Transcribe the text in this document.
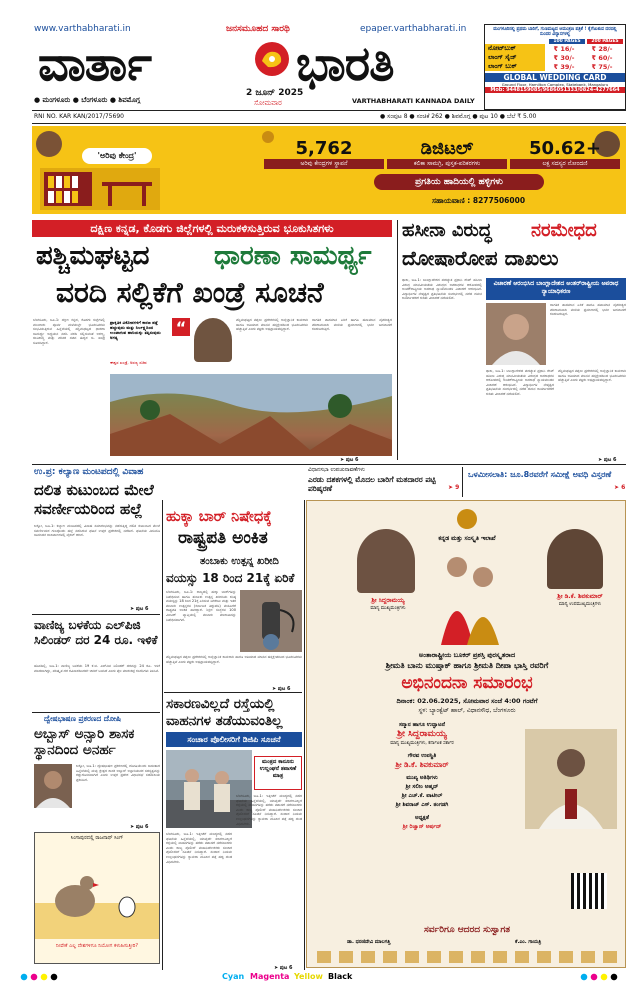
www.varthabharati.in	epaper.varthabharati.in
ಜನಸಮೂಹದ ಸಾರಥಿ
ವಾರ್ತಾ	ಭಾರತಿ
● ಮಂಗಳೂರು ● ಬೆಂಗಳೂರು ● ಶಿವಮೊಗ್ಗ
2 ಜೂನ್ 2025
ಸೋಮವಾರ	VARTHABHARATI KANNADA DAILY
ಮಂಗಳೂರಿನಲ್ಲಿ ಪ್ರಥಮ ಬಾರಿಗೆ, ಗುಣಮಟ್ಟದ ಆಮಂತ್ರಣ ಪತ್ರಿಕೆ ! ಕೈಗೆಟುಕುವ ದರದಲ್ಲಿ ಸುಂದರ ವಿನ್ಯಾಸಗಳಲ್ಲಿ
100 PAGES	200 PAGES
ನೋಟ್‌ಬುಕ್	₹ 16/-	₹ 28/-
ಲಾಂಗ್ ಸೈಜ್	₹ 30/-	₹ 60/-
ಲಾಂಗ್ ಬುಕ್	₹ 39/-	₹ 75/-
GLOBAL WEDDING CARD
Ground Floor, Hamilton Complex, Statebank, Mangaluru
Mob: 9448159085/9686051333/0824-4277664
RNI NO. KAR KAN/2017/75690	● ಸಂಪುಟ 8 ● ಸಂಚಿಕೆ 262 ● ಶಿವಮೊಗ್ಗ ● ಪುಟ 10 ● ಬೆಲೆ ₹ 5.00
'ಅರಿವು ಕೇಂದ್ರ'	5,762
ಅರಿವು ಕೇಂದ್ರಗಳ ಸ್ಥಾಪನೆ
ಡಿಜಿಟಲ್
ಕಲಿಕಾ ಸಾಮಗ್ರಿ, ಪುಸ್ತಕ-ಪರಿಕರಗಳು
50.62+
ಲಕ್ಷ ಸದಸ್ಯರ ನೋಂದಣಿ
ಪ್ರಗತಿಯ ಹಾದಿಯಲ್ಲಿ ಹಳ್ಳಿಗಳು
ಸಹಾಯವಾಣಿ : 8277506000
ದಕ್ಷಿಣ ಕನ್ನಡ, ಕೊಡಗು ಜಿಲ್ಲೆಗಳಲ್ಲಿ ಮರುಕಳಿಸುತ್ತಿರುವ ಭೂಕುಸಿತಗಳು
ಪಶ್ಚಿಮಘಟ್ಟದ ಧಾರಣಾ ಸಾಮರ್ಥ್ಯ
ವರದಿ ಸಲ್ಲಿಕೆಗೆ ಖಂಡ್ರೆ ಸೂಚನೆ
ಬೆಂಗಳೂರು, ಜೂ.1: ದಕ್ಷಿಣ ಕನ್ನಡ, ಕೊಡಗು ಜಿಲ್ಲೆಗಳಲ್ಲಿ ಮುಂಗಾರು ಪೂರ್ವ ಮಳೆಯಲ್ಲೇ ಭೂಕುಸಿತಗಳು ಸಂಭವಿಸುತ್ತಿರುವ ಹಿನ್ನೆಲೆಯಲ್ಲಿ ಪಶ್ಚಿಮಘಟ್ಟದ ಧಾರಣಾ ಸಾಮರ್ಥ್ಯ ಅಧ್ಯಯನ ನಡೆಸಿ ವರದಿ ಸಲ್ಲಿಸುವಂತೆ ಅರಣ್ಯ, ಜೀವಿಶಾಸ್ತ್ರ ಮತ್ತು ಪರಿಸರ ಸಚಿವ ಈಶ್ವರ ಬಿ. ಖಂಡ್ರೆ ಸೂಚಿಸಿದ್ದಾರೆ.
“
ಪ್ರಾಕೃತಿಕ ವಿಕೋಪಗಳಿಗೆ ಕಾರಣ ಪತ್ತೆ ಹಚ್ಚುವುದು ಮತ್ತು ನಿರ್ಲಕ್ಷ್ಯದಿಂದ ಉಂಟಾಗುವ ಹಾನಿಯನ್ನು ತಪ್ಪಿಸುವುದು ಅಗತ್ಯ
ಈಶ್ವರ ಖಂಡ್ರೆ, ಅರಣ್ಯ ಸಚಿವ
ಪಶ್ಚಿಮಘಟ್ಟದ ತಪ್ಪಲು ಪ್ರದೇಶಗಳಲ್ಲಿ ಅವೈಜ್ಞಾನಿಕ ಕಾಮಗಾರಿ ಹಾಗೂ ಅತಿಯಾದ ಮಾನವ ಹಸ್ತಕ್ಷೇಪದಿಂದ ಭೂಕುಸಿತಗಳು ಹೆಚ್ಚುತ್ತಿವೆ ಎಂದು ತಜ್ಞರು ಅಭಿಪ್ರಾಯಪಟ್ಟಿದ್ದಾರೆ.
ಜಾಗತಿಕ ತಾಪಮಾನ ಏರಿಕೆ ಹಾಗೂ ಹವಾಮಾನ ವೈಪರೀತ್ಯದ ಪರಿಣಾಮವಾಗಿ ಮಳೆಯ ಪ್ರಮಾಣದಲ್ಲಿ ಭಾರೀ ಬದಲಾವಣೆ ಕಂಡುಬರುತ್ತಿದೆ.
➤ ಪುಟ 6
ಹಸೀನಾ ವಿರುದ್ಧ ನರಮೇಧದ
ದೋಷಾರೋಪ ದಾಖಲು
ಢಾಕಾ, ಜೂ.1: ಬಾಂಗ್ಲಾದೇಶದ ಪದಚ್ಯುತ ಪ್ರಧಾನಿ ಶೇಖ್ ಹಸೀನಾ ವಿರುದ್ಧ ಮಾನವೀಯತೆಯ ವಿರುದ್ಧದ ಅಪರಾಧಗಳ ಆರೋಪದಲ್ಲಿ ಅಂತರ್‌ರಾಷ್ಟ್ರೀಯ ಅಪರಾಧ ನ್ಯಾಯಮಂಡಳಿ ವಿಚಾರಣೆ ಆರಂಭಿಸಿದೆ. ವಿದ್ಯಾರ್ಥಿಗಳ ನೇತೃತ್ವದ ಪ್ರತಿಭಟನೆಯ ಸಂದರ್ಭದಲ್ಲಿ ನಡೆದ ದಮನ ಕಾರ್ಯಾಚರಣೆ ಕುರಿತು ವಿಚಾರಣೆ ನಡೆಯಲಿದೆ.
ವಿಚಾರಣೆ ಆರಂಭಿಸಿದ ಬಾಂಗ್ಲಾದೇಶದ ಅಂತರ್‌ರಾಷ್ಟ್ರೀಯ ಅಪರಾಧ ನ್ಯಾಯಾಧಿಕರಣ
ಜಾಗತಿಕ ತಾಪಮಾನ ಏರಿಕೆ ಹಾಗೂ ಹವಾಮಾನ ವೈಪರೀತ್ಯದ ಪರಿಣಾಮವಾಗಿ ಮಳೆಯ ಪ್ರಮಾಣದಲ್ಲಿ ಭಾರೀ ಬದಲಾವಣೆ ಕಂಡುಬರುತ್ತಿದೆ.
ಢಾಕಾ, ಜೂ.1: ಬಾಂಗ್ಲಾದೇಶದ ಪದಚ್ಯುತ ಪ್ರಧಾನಿ ಶೇಖ್ ಹಸೀನಾ ವಿರುದ್ಧ ಮಾನವೀಯತೆಯ ವಿರುದ್ಧದ ಅಪರಾಧಗಳ ಆರೋಪದಲ್ಲಿ ಅಂತರ್‌ರಾಷ್ಟ್ರೀಯ ಅಪರಾಧ ನ್ಯಾಯಮಂಡಳಿ ವಿಚಾರಣೆ ಆರಂಭಿಸಿದೆ. ವಿದ್ಯಾರ್ಥಿಗಳ ನೇತೃತ್ವದ ಪ್ರತಿಭಟನೆಯ ಸಂದರ್ಭದಲ್ಲಿ ನಡೆದ ದಮನ ಕಾರ್ಯಾಚರಣೆ ಕುರಿತು ವಿಚಾರಣೆ ನಡೆಯಲಿದೆ.
ಪಶ್ಚಿಮಘಟ್ಟದ ತಪ್ಪಲು ಪ್ರದೇಶಗಳಲ್ಲಿ ಅವೈಜ್ಞಾನಿಕ ಕಾಮಗಾರಿ ಹಾಗೂ ಅತಿಯಾದ ಮಾನವ ಹಸ್ತಕ್ಷೇಪದಿಂದ ಭೂಕುಸಿತಗಳು ಹೆಚ್ಚುತ್ತಿವೆ ಎಂದು ತಜ್ಞರು ಅಭಿಪ್ರಾಯಪಟ್ಟಿದ್ದಾರೆ.
➤ ಪುಟ 6
ಉ.ಪ್ರ: ಕಲ್ಯಾಣ ಮಂಟಪದಲ್ಲಿ ವಿವಾಹ	ವಿಧಾನಸಭಾ ಉಪಚುನಾವಣೆಗಳು
ಎರಡು ದಶಕಗಳಲ್ಲಿ ಮೊದಲ ಬಾರಿಗೆ ಮತದಾರರ ಪಟ್ಟಿ ಪರಿಷ್ಕರಣೆ	➤ 9
ಒಳಮೀಸಲಾತಿ: ಜೂ.8ರವರೆಗೆ ಸಮೀಕ್ಷೆ ಅವಧಿ ವಿಸ್ತರಣೆ
➤ 6
ದಲಿತ ಕುಟುಂಬದ ಮೇಲೆ ಸವರ್ಣೀಯರಿಂದ ಹಲ್ಲೆ
ಲಕ್ನೋ, ಜೂ.1: ಕಲ್ಯಾಣ ಮಂಟಪದಲ್ಲಿ ವಿವಾಹ ಸಮಾರಂಭವನ್ನು ನಡೆಸುತ್ತಿದ್ದ ದಲಿತ ಕುಟುಂಬದ ಮೇಲೆ ಸವರ್ಣೀಯರ ಗುಂಪೊಂದು ಹಲ್ಲೆ ನಡೆಸಿರುವ ಘಟನೆ ಉತ್ತರ ಪ್ರದೇಶದಲ್ಲಿ ನಡೆದಿದೆ. ಘಟನೆಯ ವೀಡಿಯೊ ಸಾಮಾಜಿಕ ಜಾಲತಾಣಗಳಲ್ಲಿ ವೈರಲ್ ಆಗಿದೆ.
➤ ಪುಟ 6
ಹುಕ್ಕಾ ಬಾರ್ ನಿಷೇಧಕ್ಕೆ
ರಾಷ್ಟ್ರಪತಿ ಅಂಕಿತ
ತಂಬಾಕು ಉತ್ಪನ್ನ ಖರೀದಿ
ವಯಸ್ಸು 18 ರಿಂದ 21ಕ್ಕೆ ಏರಿಕೆ
ಬೆಂಗಳೂರು, ಜೂ.1: ರಾಜ್ಯದಲ್ಲಿ ಹುಕ್ಕಾ ಬಾರ್‌ಗಳನ್ನು ನಿಷೇಧಿಸುವ ಹಾಗೂ ತಂಬಾಕು ಉತ್ಪನ್ನ ಖರೀದಿಯ ಕನಿಷ್ಠ ವಯಸ್ಸನ್ನು 18 ರಿಂದ 21ಕ್ಕೆ ಏರಿಸುವ ಸಿಗರೇಟು ಮತ್ತು ಇತರ ತಂಬಾಕು ಉತ್ಪನ್ನಗಳ (ಕರ್ನಾಟಕ ತಿದ್ದುಪಡಿ) ಮಸೂದೆಗೆ ರಾಷ್ಟ್ರಪತಿ ಅಂಕಿತ ಹಾಕಿದ್ದಾರೆ. ಶಿಕ್ಷಣ ಸಂಸ್ಥೆಗಳ 100 ಮೀಟರ್ ವ್ಯಾಪ್ತಿಯಲ್ಲಿ ತಂಬಾಕು ಮಾರಾಟವನ್ನು ನಿಷೇಧಿಸಲಾಗಿದೆ.
ಪಶ್ಚಿಮಘಟ್ಟದ ತಪ್ಪಲು ಪ್ರದೇಶಗಳಲ್ಲಿ ಅವೈಜ್ಞಾನಿಕ ಕಾಮಗಾರಿ ಹಾಗೂ ಅತಿಯಾದ ಮಾನವ ಹಸ್ತಕ್ಷೇಪದಿಂದ ಭೂಕುಸಿತಗಳು ಹೆಚ್ಚುತ್ತಿವೆ ಎಂದು ತಜ್ಞರು ಅಭಿಪ್ರಾಯಪಟ್ಟಿದ್ದಾರೆ.
➤ ಪುಟ 6
ವಾಣಿಜ್ಯ ಬಳಕೆಯ ಎಲ್‌ಪಿಜಿ ಸಿಲಿಂಡರ್ ದರ 24 ರೂ. ಇಳಿಕೆ
ಹೊಸದಿಲ್ಲಿ, ಜೂ.1: ವಾಣಿಜ್ಯ ಬಳಕೆಯ 19 ಕೆ.ಜಿ. ಎಲ್‌ಪಿಜಿ ಸಿಲಿಂಡರ್ ದರವನ್ನು 24 ರೂ. ಇಳಿಕೆ ಮಾಡಲಾಗಿದ್ದು, ಪರಿಷ್ಕೃತ ದರ ರವಿವಾರದಿಂದಲೇ ಜಾರಿಗೆ ಬಂದಿದೆ ಎಂದು ತೈಲ ಮಾರುಕಟ್ಟೆ ಕಂಪೆನಿಗಳು ತಿಳಿಸಿವೆ.
ದ್ವೇಷಭಾಷಣ ಪ್ರಕರಣದ ದೋಷಿ
ಅಬ್ಬಾಸ್ ಅನ್ಸಾರಿ ಶಾಸಕ ಸ್ಥಾನದಿಂದ ಅನರ್ಹ
ಲಕ್ನೋ, ಜೂ.1: ದ್ವೇಷಭಾಷಣ ಪ್ರಕರಣದಲ್ಲಿ ದೋಷಿಯೆಂದು ಸಾಬೀತಾದ ಹಿನ್ನೆಲೆಯಲ್ಲಿ ಮವು ಕ್ಷೇತ್ರದ ಶಾಸಕ ಅಬ್ಬಾಸ್ ಅನ್ಸಾರಿಯವರ ಸದಸ್ಯತ್ವವನ್ನು ರದ್ದುಗೊಳಿಸಲಾಗಿದೆ ಎಂದು ಉತ್ತರ ಪ್ರದೇಶ ವಿಧಾನಸಭೆ ಸಚಿವಾಲಯ ಪ್ರಕಟಿಸಿದೆ.
➤ ಪುಟ 6
ಸಿಂಗಾಪುರದಲ್ಲಿ ರಾಜನಾಥ್ ಸಿಂಗ್
ನೀವೇಕೆ ಎಲ್ಲ ದೇಶಗಳಿಗೂ ನಿಯೋಗ ಕಳುಹಿಸುತ್ತೀರಿ?
ಸಕಾರಣವಿಲ್ಲದೆ ರಸ್ತೆಯಲ್ಲಿ ವಾಹನಗಳ ತಡೆಯುವಂತಿಲ್ಲ
ಸಂಚಾರ ಪೊಲೀಸರಿಗೆ ಡಿಜಿಪಿ ಸೂಚನೆ
ಮಂತ್ರದ ಕಾನೂನು ಉಲ್ಲಂಘನೆ ತಪಾಸಣೆ ಮಾತ್ರ
ಬೆಂಗಳೂರು, ಜೂ.1: ಇತ್ತೀಚೆಗೆ ಮಂಡ್ಯದಲ್ಲಿ ನಡೆದ ಘಟನೆಯ ಹಿನ್ನೆಲೆಯಲ್ಲಿ, ಯಾವುದೇ ಸಕಾರಣವಿಲ್ಲದೆ ರಸ್ತೆಯಲ್ಲಿ ವಾಹನಗಳನ್ನು ತಡೆದು ತಪಾಸಣೆ ನಡೆಸಬಾರದು ಎಂದು ರಾಜ್ಯ ಪೊಲೀಸ್ ಮಹಾನಿರ್ದೇಶಕರು ಸಂಚಾರ ಪೊಲೀಸರಿಗೆ ಸೂಚನೆ ನೀಡಿದ್ದಾರೆ. ಸಂಚಾರ ನಿಯಮ ಉಲ್ಲಂಘನೆಗಳನ್ನು ಕ್ಯಾಮರಾ ಮೂಲಕ ಪತ್ತೆ ಹಚ್ಚಿ ದಂಡ ವಿಧಿಸಬೇಕು.
ಬೆಂಗಳೂರು, ಜೂ.1: ಇತ್ತೀಚೆಗೆ ಮಂಡ್ಯದಲ್ಲಿ ನಡೆದ ಘಟನೆಯ ಹಿನ್ನೆಲೆಯಲ್ಲಿ, ಯಾವುದೇ ಸಕಾರಣವಿಲ್ಲದೆ ರಸ್ತೆಯಲ್ಲಿ ವಾಹನಗಳನ್ನು ತಡೆದು ತಪಾಸಣೆ ನಡೆಸಬಾರದು ಎಂದು ರಾಜ್ಯ ಪೊಲೀಸ್ ಮಹಾನಿರ್ದೇಶಕರು ಸಂಚಾರ ಪೊಲೀಸರಿಗೆ ಸೂಚನೆ ನೀಡಿದ್ದಾರೆ. ಸಂಚಾರ ನಿಯಮ ಉಲ್ಲಂಘನೆಗಳನ್ನು ಕ್ಯಾಮರಾ ಮೂಲಕ ಪತ್ತೆ ಹಚ್ಚಿ ದಂಡ ವಿಧಿಸಬೇಕು.
➤ ಪುಟ 6
ಕನ್ನಡ ಮತ್ತು ಸಂಸ್ಕೃತಿ ಇಲಾಖೆ
ಶ್ರೀ ಸಿದ್ದರಾಮಯ್ಯ
ಮಾನ್ಯ ಮುಖ್ಯಮಂತ್ರಿಗಳು
ಶ್ರೀ ಡಿ.ಕೆ. ಶಿವಕುಮಾರ್
ಮಾನ್ಯ ಉಪಮುಖ್ಯಮಂತ್ರಿಗಳು
ಅಂತಾರಾಷ್ಟ್ರೀಯ ಬೂಕರ್ ಪ್ರಶಸ್ತಿ ಪುರಸ್ಕೃತರಾದ
ಶ್ರೀಮತಿ ಬಾನು ಮುಷ್ತಾಕ್ ಹಾಗೂ ಶ್ರೀಮತಿ ದೀಪಾ ಭಾಸ್ತಿ ರವರಿಗೆ
ಅಭಿನಂದನಾ ಸಮಾರಂಭ
ದಿನಾಂಕ: 02.06.2025, ಸೋಮವಾರ ಸಂಜೆ 4:00 ಗಂಟೆಗೆ
ಸ್ಥಳ: ಬ್ಯಾಂಕ್ವೆಟ್ ಹಾಲ್, ವಿಧಾನಸೌಧ, ಬೆಂಗಳೂರು
ಸನ್ಮಾನ ಹಾಗೂ ಉದ್ಘಾಟನೆ
ಶ್ರೀ ಸಿದ್ದರಾಮಯ್ಯ
ಮಾನ್ಯ ಮುಖ್ಯಮಂತ್ರಿಗಳು, ಕರ್ನಾಟಕ ಸರ್ಕಾರ
ಗೌರವ ಉಪಸ್ಥಿತಿ
ಶ್ರೀ ಡಿ.ಕೆ. ಶಿವಕುಮಾರ್
ಮುಖ್ಯ ಅತಿಥಿಗಳು
ಶ್ರೀ ಸಲೀಂ ಅಹ್ಮದ್
ಶ್ರೀ ಎಚ್.ಕೆ. ಪಾಟೀಲ್
ಶ್ರೀ ಶಿವರಾಜ್ ಎಸ್. ತಂಗಡಗಿ
ಅಧ್ಯಕ್ಷತೆ
ಶ್ರೀ ರಿಜ್ವಾನ್ ಅರ್ಷದ್
ಸರ್ವರಿಗೂ ಆದರದ ಸುಸ್ವಾಗತ
ಡಾ. ಧರಣಿದೇವಿ ಮಾಲಗತ್ತಿ	ಕೆ.ಎಂ. ಗಾಯತ್ರಿ
Cyan Magenta Yellow Black
